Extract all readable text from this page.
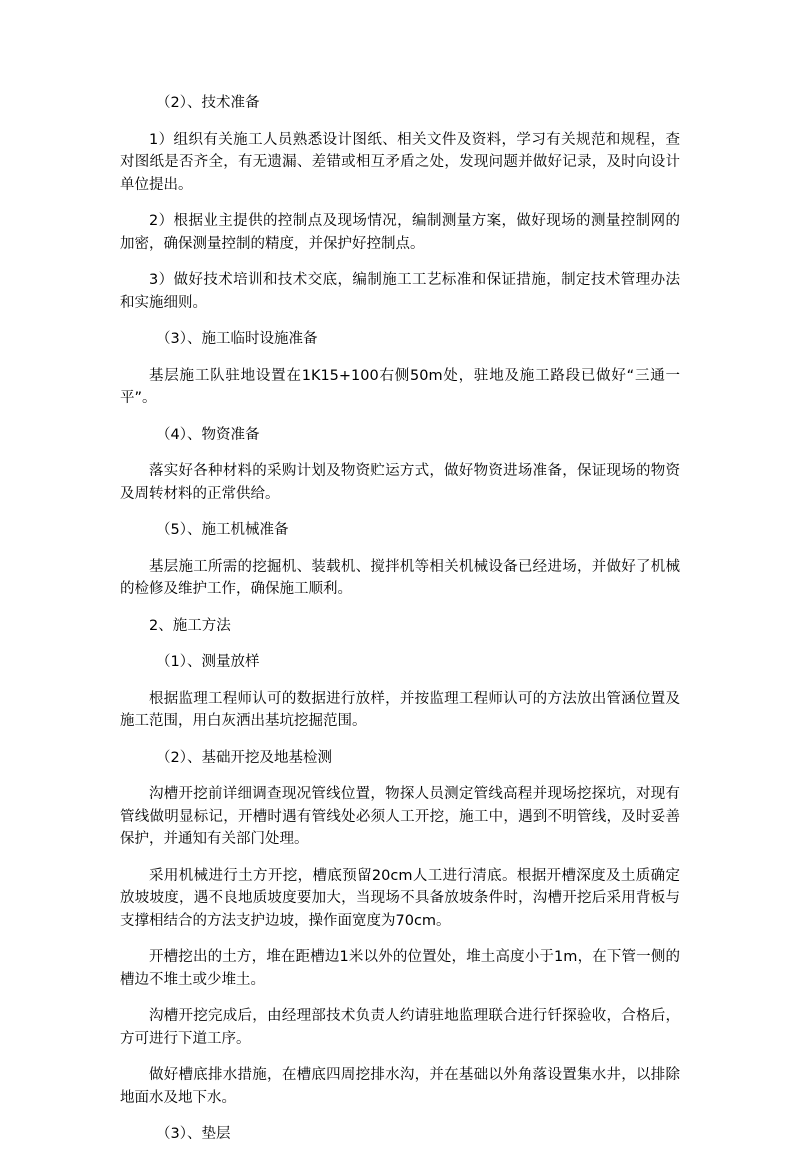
（2）、技术准备
1）组织有关施工人员熟悉设计图纸、相关文件及资料，学习有关规范和规程，查对图纸是否齐全，有无遗漏、差错或相互矛盾之处，发现问题并做好记录，及时向设计单位提出。
2）根据业主提供的控制点及现场情况，编制测量方案，做好现场的测量控制网的加密，确保测量控制的精度，并保护好控制点。
3）做好技术培训和技术交底，编制施工工艺标准和保证措施，制定技术管理办法和实施细则。
（3）、施工临时设施准备
基层施工队驻地设置在1K15+100右侧50m处，驻地及施工路段已做好“三通一平”。
（4）、物资准备
落实好各种材料的采购计划及物资贮运方式，做好物资进场准备，保证现场的物资及周转材料的正常供给。
（5）、施工机械准备
基层施工所需的挖掘机、装载机、搅拌机等相关机械设备已经进场，并做好了机械的检修及维护工作，确保施工顺利。
2、施工方法
（1）、测量放样
根据监理工程师认可的数据进行放样，并按监理工程师认可的方法放出管涵位置及施工范围，用白灰洒出基坑挖掘范围。
（2）、基础开挖及地基检测
沟槽开挖前详细调查现况管线位置，物探人员测定管线高程并现场挖探坑，对现有管线做明显标记，开槽时遇有管线处必须人工开挖，施工中，遇到不明管线，及时妥善保护，并通知有关部门处理。
采用机械进行土方开挖，槽底预留20cm人工进行清底。根据开槽深度及土质确定放坡坡度，遇不良地质坡度要加大，当现场不具备放坡条件时，沟槽开挖后采用背板与支撑相结合的方法支护边坡，操作面宽度为70cm。
开槽挖出的土方，堆在距槽边1米以外的位置处，堆土高度小于1m，在下管一侧的槽边不堆土或少堆土。
沟槽开挖完成后，由经理部技术负责人约请驻地监理联合进行钎探验收，合格后，方可进行下道工序。
做好槽底排水措施，在槽底四周挖排水沟，并在基础以外角落设置集水井，以排除地面水及地下水。
（3）、垫层
